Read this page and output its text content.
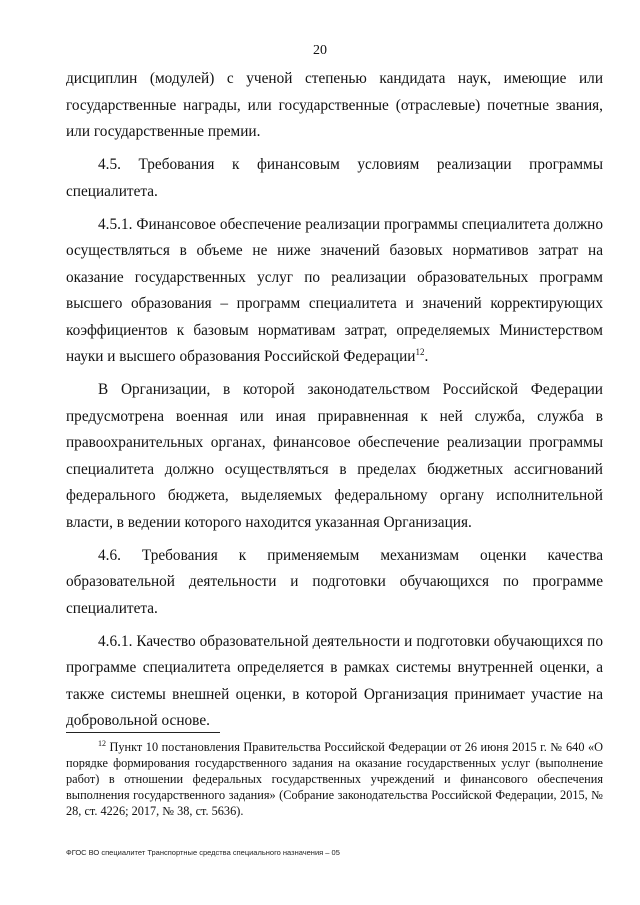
20

дисциплин (модулей) с ученой степенью кандидата наук, имеющие или государственные награды, или государственные (отраслевые) почетные звания, или государственные премии.

4.5. Требования к финансовым условиям реализации программы специалитета.

4.5.1. Финансовое обеспечение реализации программы специалитета должно осуществляться в объеме не ниже значений базовых нормативов затрат на оказание государственных услуг по реализации образовательных программ высшего образования – программ специалитета и значений корректирующих коэффициентов к базовым нормативам затрат, определяемых Министерством науки и высшего образования Российской Федерации$^{12}$.

В Организации, в которой законодательством Российской Федерации предусмотрена военная или иная приравненная к ней служба, служба в правоохранительных органах, финансовое обеспечение реализации программы специалитета должно осуществляться в пределах бюджетных ассигнований федерального бюджета, выделяемых федеральному органу исполнительной власти, в ведении которого находится указанная Организация.

4.6. Требования к применяемым механизмам оценки качества образовательной деятельности и подготовки обучающихся по программе специалитета.

4.6.1. Качество образовательной деятельности и подготовки обучающихся по программе специалитета определяется в рамках системы внутренней оценки, а также системы внешней оценки, в которой Организация принимает участие на добровольной основе.

$^{12}$ Пункт 10 постановления Правительства Российской Федерации от 26 июня 2015 г. № 640 «О порядке формирования государственного задания на оказание государственных услуг (выполнение работ) в отношении федеральных государственных учреждений и финансового обеспечения выполнения государственного задания» (Собрание законодательства Российской Федерации, 2015, № 28, ст. 4226; 2017, № 38, ст. 5636).
ФГОС ВО специалитет Транспортные средства специального назначения – 05
